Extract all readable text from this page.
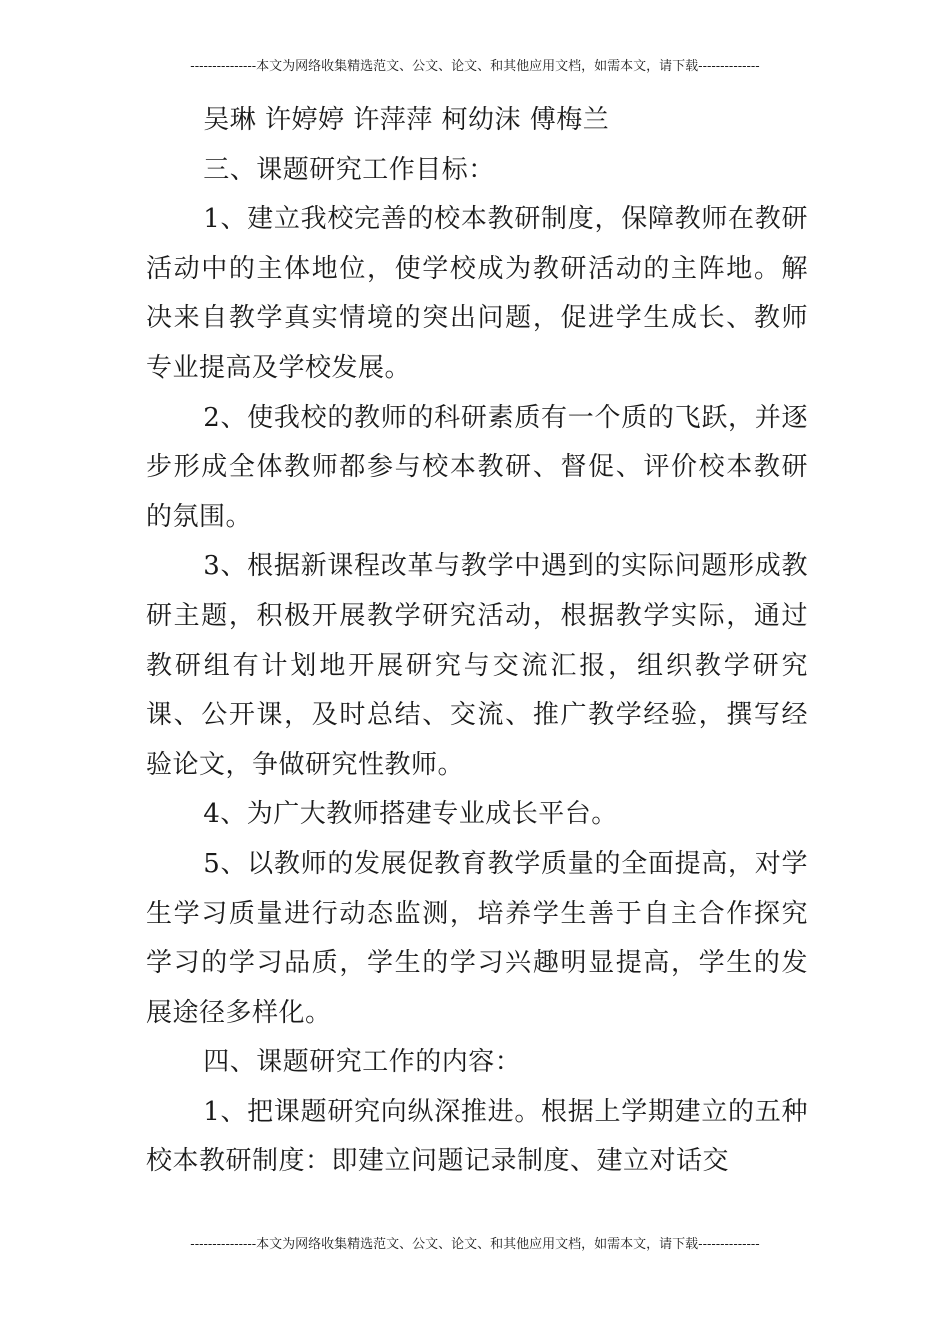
---------------本文为网络收集精选范文、公文、论文、和其他应用文档，如需本文，请下载--------------

吴琳 许婷婷 许萍萍 柯幼沫 傅梅兰

三、课题研究工作目标：

1、建立我校完善的校本教研制度，保障教师在教研活动中的主体地位，使学校成为教研活动的主阵地。解决来自教学真实情境的突出问题，促进学生成长、教师专业提高及学校发展。

2、使我校的教师的科研素质有一个质的飞跃，并逐步形成全体教师都参与校本教研、督促、评价校本教研的氛围。

3、根据新课程改革与教学中遇到的实际问题形成教研主题，积极开展教学研究活动，根据教学实际，通过教研组有计划地开展研究与交流汇报，组织教学研究课、公开课，及时总结、交流、推广教学经验，撰写经验论文，争做研究性教师。

4、为广大教师搭建专业成长平台。

5、以教师的发展促教育教学质量的全面提高，对学生学习质量进行动态监测，培养学生善于自主合作探究学习的学习品质，学生的学习兴趣明显提高，学生的发展途径多样化。

四、课题研究工作的内容：

1、把课题研究向纵深推进。根据上学期建立的五种校本教研制度：即建立问题记录制度、建立对话交

---------------本文为网络收集精选范文、公文、论文、和其他应用文档，如需本文，请下载--------------
